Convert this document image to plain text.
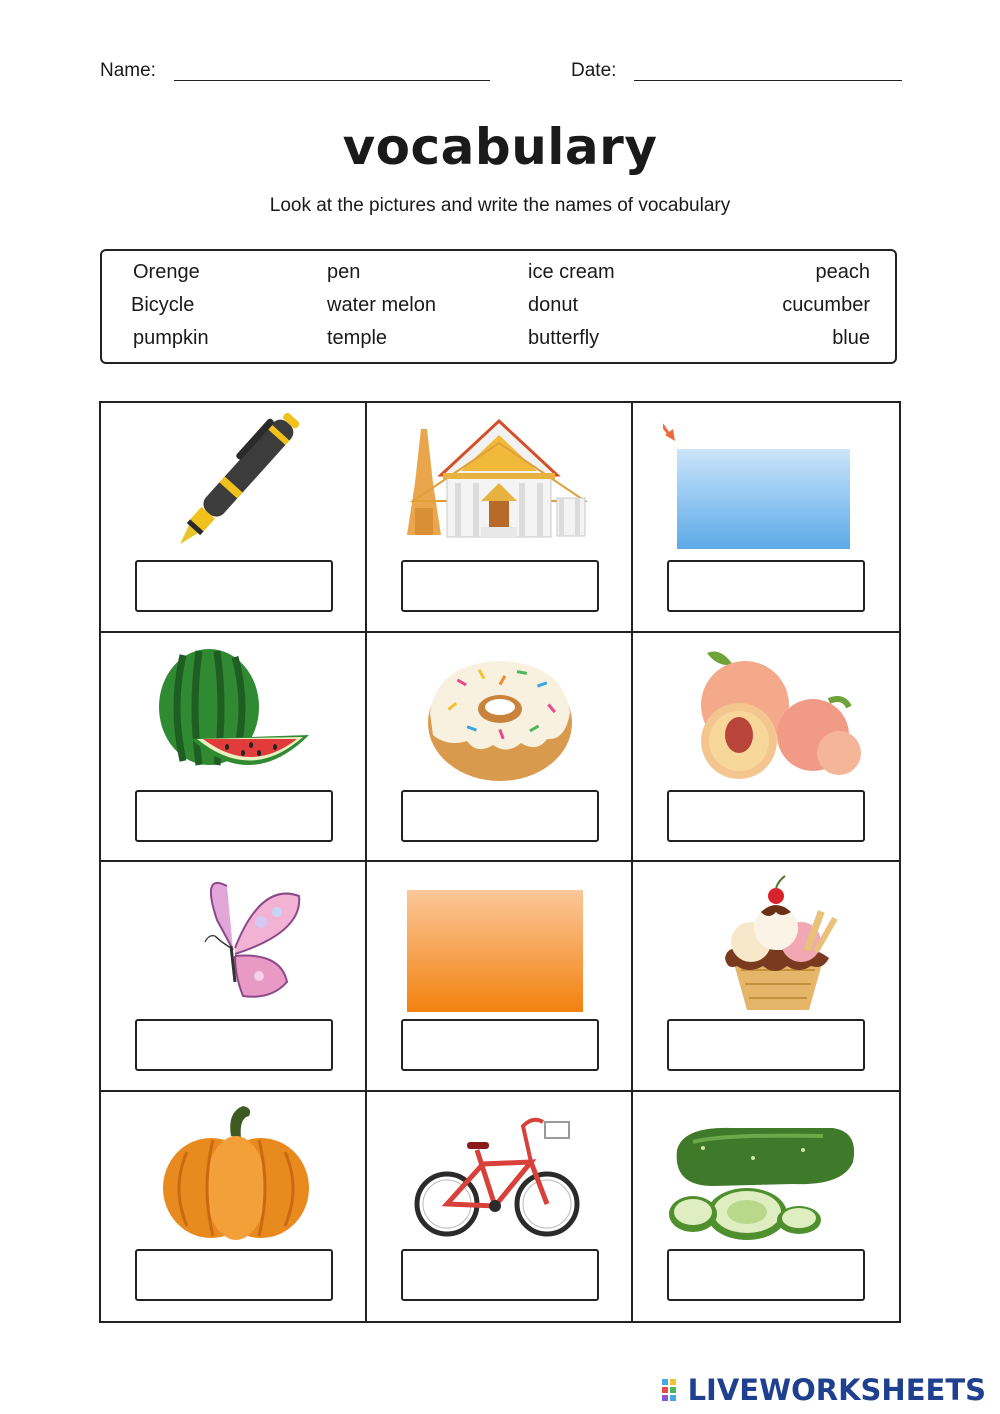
Name:	Date:
vocabulary
Look at the pictures and write the names of vocabulary
Orenge	pen	ice cream	peach
Bicycle	water melon	donut	cucumber
pumpkin	temple	butterfly	blue
LIVEWORKSHEETS
